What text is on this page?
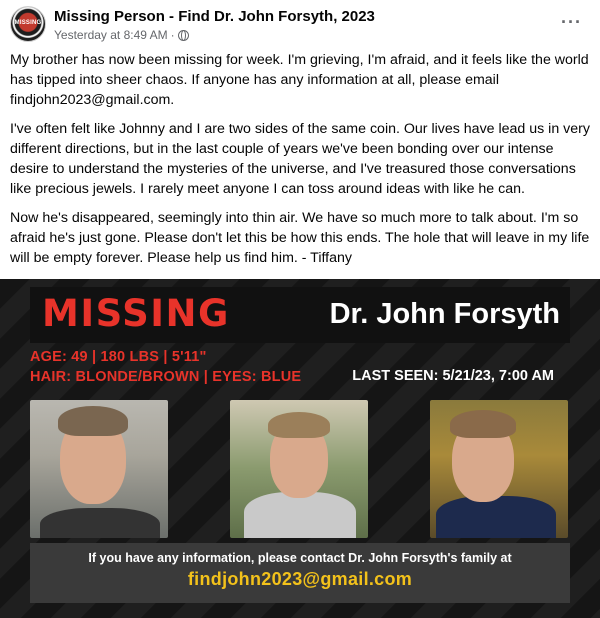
MISSING Missing Person - Find Dr. John Forsyth, 2023
Yesterday at 8:49 AM ·
···

My brother has now been missing for week. I'm grieving, I'm afraid, and it feels like the world has tipped into sheer chaos. If anyone has any information at all, please email findjohn2023@gmail.com.

I've often felt like Johnny and I are two sides of the same coin. Our lives have lead us in very different directions, but in the last couple of years we've been bonding over our intense desire to understand the mysteries of the universe, and I've treasured those conversations like precious jewels. I rarely meet anyone I can toss around ideas with like he can.

Now he's disappeared, seemingly into thin air. We have so much more to talk about. I'm so afraid he's just gone. Please don't let this be how this ends. The hole that will leave in my life will be empty forever. Please help us find him. - Tiffany

MISSING	Dr. John Forsyth
AGE: 49 | 180 LBS | 5'11"
HAIR: BLONDE/BROWN | EYES: BLUE	LAST SEEN: 5/21/23, 7:00 AM
If you have any information, please contact Dr. John Forsyth's family at
findjohn2023@gmail.com
